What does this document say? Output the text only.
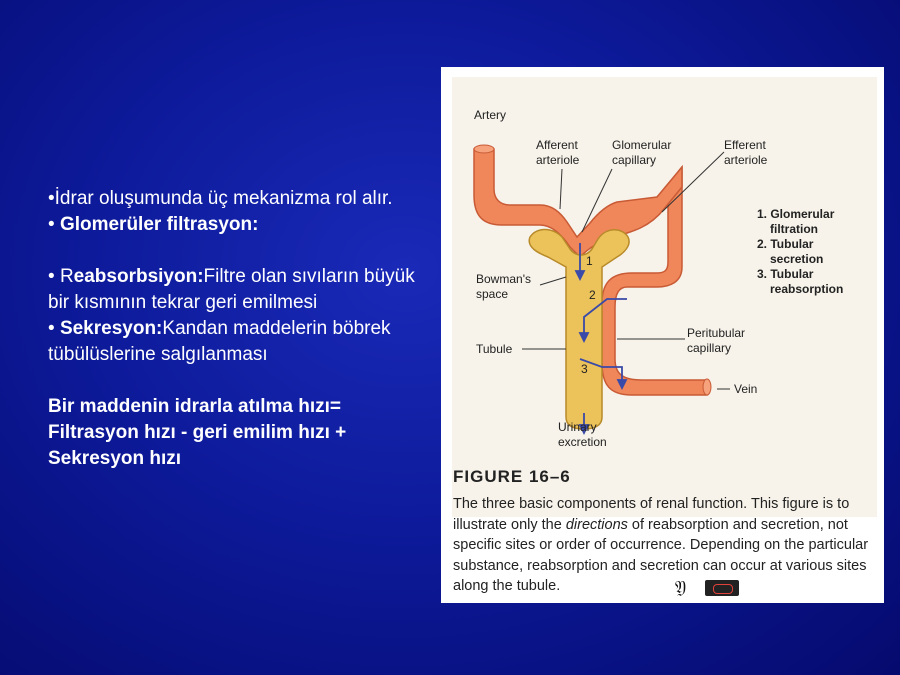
•İdrar oluşumunda üç mekanizma rol alır.

• Glomerüler filtrasyon:

• Reabsorbsiyon:Filtre olan sıvıların büyük bir kısmının tekrar geri emilmesi

• Sekresyon:Kandan maddelerin böbrek tübülüslerine salgılanması

Bir maddenin idrarla atılma hızı= Filtrasyon hızı - geri emilim hızı + Sekresyon hızı

Artery
Afferent
arteriole
Glomerular
capillary
Efferent
arteriole
Bowman's
space
Tubule
Peritubular
capillary
Vein
Urinary
excretion
1
2
3
1. Glomerular
filtration
2. Tubular
secretion
3. Tubular
reabsorption
FIGURE 16–6
The three basic components of renal function. This figure is to illustrate only the directions of reabsorption and secretion, not specific sites or order of occurrence. Depending on the particular substance, reabsorption and secretion can occur at various sites along the tubule.	𝔜
